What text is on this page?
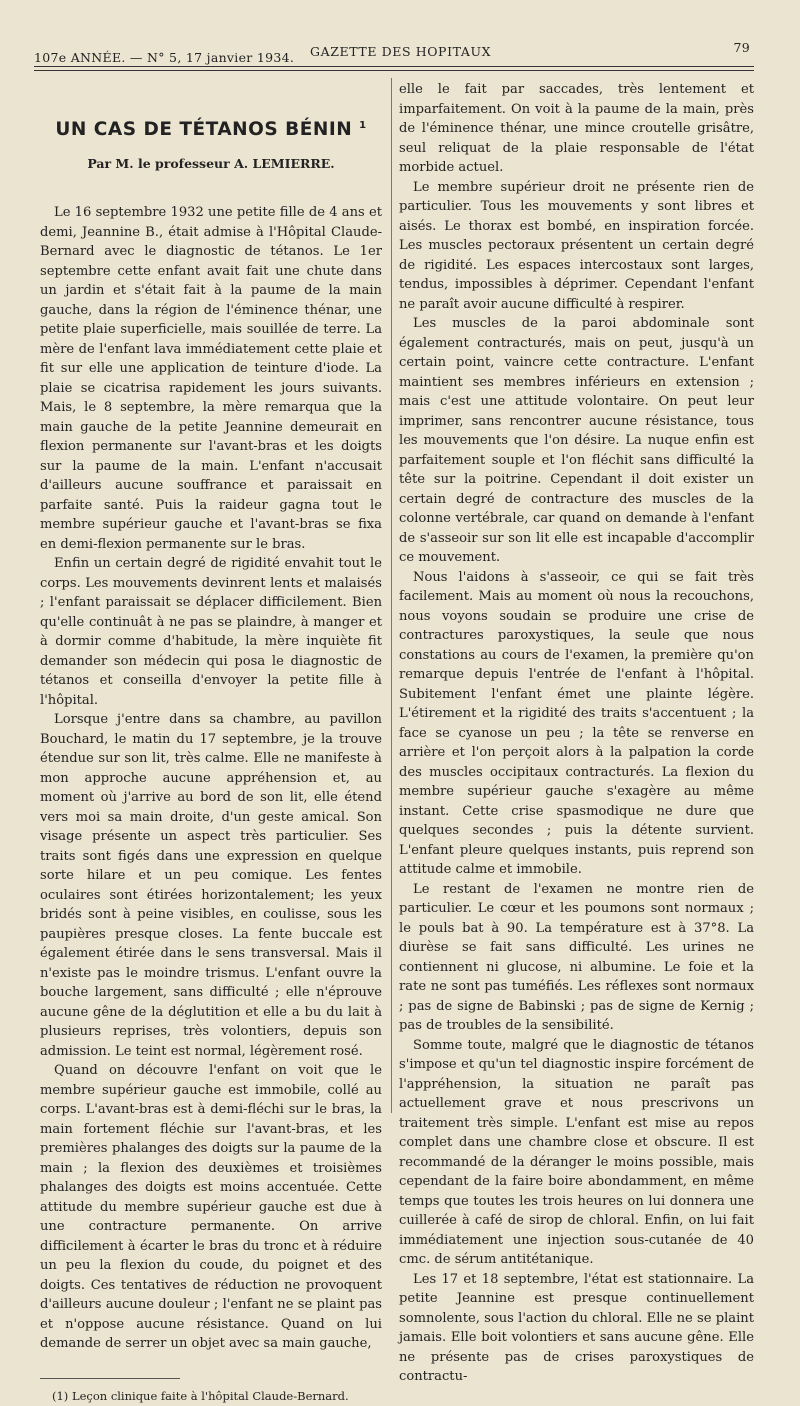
107e ANNÉE. — N° 5, 17 janvier 1934. GAZETTE DES HOPITAUX	79
UN CAS DE TÉTANOS BÉNIN $^1$
Par M. le professeur A. LEMIERRE.

Le 16 septembre 1932 une petite fille de 4 ans et demi, Jeannine B., était admise à l'Hôpital Claude-Bernard avec le diagnostic de tétanos. Le 1er septembre cette enfant avait fait une chute dans un jardin et s'était fait à la paume de la main gauche, dans la région de l'éminence thénar, une petite plaie superficielle, mais souillée de terre. La mère de l'enfant lava immédiatement cette plaie et fit sur elle une application de teinture d'iode. La plaie se cicatrisa rapidement les jours suivants. Mais, le 8 septembre, la mère remarqua que la main gauche de la petite Jeannine demeurait en flexion permanente sur l'avant-bras et les doigts sur la paume de la main. L'enfant n'accusait d'ailleurs aucune souffrance et paraissait en parfaite santé. Puis la raideur gagna tout le membre supérieur gauche et l'avant-bras se fixa en demi-flexion permanente sur le bras.

Enfin un certain degré de rigidité envahit tout le corps. Les mouvements devinrent lents et malaisés ; l'enfant paraissait se déplacer difficilement. Bien qu'elle continuât à ne pas se plaindre, à manger et à dormir comme d'habitude, la mère inquiète fit demander son médecin qui posa le diagnostic de tétanos et conseilla d'envoyer la petite fille à l'hôpital.

Lorsque j'entre dans sa chambre, au pavillon Bouchard, le matin du 17 septembre, je la trouve étendue sur son lit, très calme. Elle ne manifeste à mon approche aucune appréhension et, au moment où j'arrive au bord de son lit, elle étend vers moi sa main droite, d'un geste amical. Son visage présente un aspect très particulier. Ses traits sont figés dans une expression en quelque sorte hilare et un peu comique. Les fentes oculaires sont étirées horizontalement; les yeux bridés sont à peine visibles, en coulisse, sous les paupières presque closes. La fente buccale est également étirée dans le sens transversal. Mais il n'existe pas le moindre trismus. L'enfant ouvre la bouche largement, sans difficulté ; elle n'éprouve aucune gêne de la déglutition et elle a bu du lait à plusieurs reprises, très volontiers, depuis son admission. Le teint est normal, légèrement rosé.

Quand on découvre l'enfant on voit que le membre supérieur gauche est immobile, collé au corps. L'avant-bras est à demi-fléchi sur le bras, la main fortement fléchie sur l'avant-bras, et les premières phalanges des doigts sur la paume de la main ; la flexion des deuxièmes et troisièmes phalanges des doigts est moins accentuée. Cette attitude du membre supérieur gauche est due à une contracture permanente. On arrive difficilement à écarter le bras du tronc et à réduire un peu la flexion du coude, du poignet et des doigts. Ces tentatives de réduction ne provoquent d'ailleurs aucune douleur ; l'enfant ne se plaint pas et n'oppose aucune résistance. Quand on lui demande de serrer un objet avec sa main gauche,

(1) Leçon clinique faite à l'hôpital Claude-Bernard.

elle le fait par saccades, très lentement et imparfaitement. On voit à la paume de la main, près de l'éminence thénar, une mince croutelle grisâtre, seul reliquat de la plaie responsable de l'état morbide actuel.

Le membre supérieur droit ne présente rien de particulier. Tous les mouvements y sont libres et aisés. Le thorax est bombé, en inspiration forcée. Les muscles pectoraux présentent un certain degré de rigidité. Les espaces intercostaux sont larges, tendus, impossibles à déprimer. Cependant l'enfant ne paraît avoir aucune difficulté à respirer.

Les muscles de la paroi abdominale sont également contracturés, mais on peut, jusqu'à un certain point, vaincre cette contracture. L'enfant maintient ses membres inférieurs en extension ; mais c'est une attitude volontaire. On peut leur imprimer, sans rencontrer aucune résistance, tous les mouvements que l'on désire. La nuque enfin est parfaitement souple et l'on fléchit sans difficulté la tête sur la poitrine. Cependant il doit exister un certain degré de contracture des muscles de la colonne vertébrale, car quand on demande à l'enfant de s'asseoir sur son lit elle est incapable d'accomplir ce mouvement.

Nous l'aidons à s'asseoir, ce qui se fait très facilement. Mais au moment où nous la recouchons, nous voyons soudain se produire une crise de contractures paroxystiques, la seule que nous constations au cours de l'examen, la première qu'on remarque depuis l'entrée de l'enfant à l'hôpital. Subitement l'enfant émet une plainte légère. L'étirement et la rigidité des traits s'accentuent ; la face se cyanose un peu ; la tête se renverse en arrière et l'on perçoit alors à la palpation la corde des muscles occipitaux contracturés. La flexion du membre supérieur gauche s'exagère au même instant. Cette crise spasmodique ne dure que quelques secondes ; puis la détente survient. L'enfant pleure quelques instants, puis reprend son attitude calme et immobile.

Le restant de l'examen ne montre rien de particulier. Le cœur et les poumons sont normaux ; le pouls bat à 90. La température est à 37°8. La diurèse se fait sans difficulté. Les urines ne contiennent ni glucose, ni albumine. Le foie et la rate ne sont pas tuméfiés. Les réflexes sont normaux ; pas de signe de Babinski ; pas de signe de Kernig ; pas de troubles de la sensibilité.

Somme toute, malgré que le diagnostic de tétanos s'impose et qu'un tel diagnostic inspire forcément de l'appréhension, la situation ne paraît pas actuellement grave et nous prescrivons un traitement très simple. L'enfant est mise au repos complet dans une chambre close et obscure. Il est recommandé de la déranger le moins possible, mais cependant de la faire boire abondamment, en même temps que toutes les trois heures on lui donnera une cuillerée à café de sirop de chloral. Enfin, on lui fait immédiatement une injection sous-cutanée de 40 cmc. de sérum antitétanique.

Les 17 et 18 septembre, l'état est stationnaire. La petite Jeannine est presque continuellement somnolente, sous l'action du chloral. Elle ne se plaint jamais. Elle boit volontiers et sans aucune gêne. Elle ne présente pas de crises paroxystiques de contractu-
